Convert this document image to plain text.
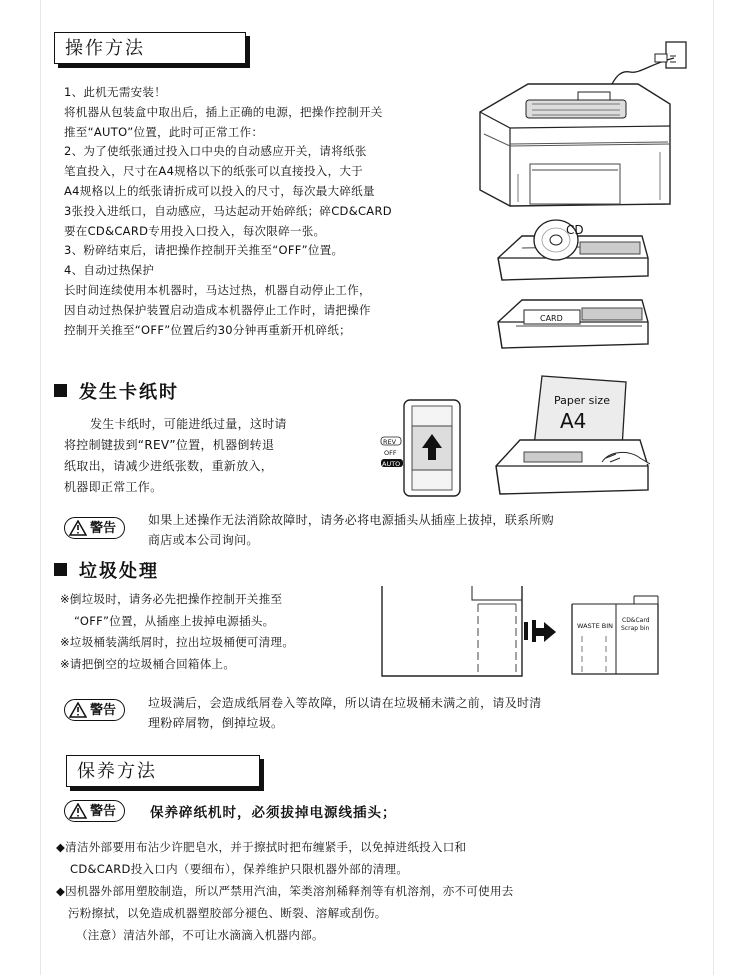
操作方法
1、此机无需安装！
将机器从包装盒中取出后，插上正确的电源，把操作控制开关
推至“AUTO”位置，此时可正常工作：
2、为了使纸张通过投入口中央的自动感应开关，请将纸张
笔直投入，尺寸在A4规格以下的纸张可以直接投入，大于
A4规格以上的纸张请折成可以投入的尺寸，每次最大碎纸量
3张投入进纸口，自动感应，马达起动开始碎纸；碎CD&CARD
要在CD&CARD专用投入口投入，每次限碎一张。
3、粉碎结束后，请把操作控制开关推至“OFF”位置。
4、自动过热保护
长时间连续使用本机器时，马达过热，机器自动停止工作，
因自动过热保护装置启动造成本机器停止工作时，请把操作
控制开关推至“OFF”位置后约30分钟再重新开机碎纸；
CD
CARD
发生卡纸时
发生卡纸时，可能进纸过量，这时请
将控制键拔到“REV”位置，机器倒转退
纸取出，请减少进纸张数，重新放入，
机器即正常工作。
REV
OFF
AUTO
Paper size
A4
警告
如果上述操作无法消除故障时，请务必将电源插头从插座上拔掉，联系所购
商店或本公司询问。
垃圾处理
※倒垃圾时，请务必先把操作控制开关推至
“OFF”位置，从插座上拔掉电源插头。
※垃圾桶装满纸屑时，拉出垃圾桶便可清理。
※请把倒空的垃圾桶合回箱体上。
WASTE BIN
CD&Card
Scrap bin
警告	垃圾满后，会造成纸屑卷入等故障，所以请在垃圾桶未满之前，请及时清
理粉碎屑物，倒掉垃圾。
保养方法
警告	保养碎纸机时，必须拔掉电源线插头；
◆清洁外部要用布沾少许肥皂水，并于擦拭时把布缠紧手，以免掉进纸投入口和
CD&CARD投入口内（要细布），保养维护只限机器外部的清理。
◆因机器外部用塑胶制造，所以严禁用汽油，笨类溶剂稀释剂等有机溶剂，亦不可使用去
污粉擦拭，以免造成机器塑胶部分褪色、断裂、溶解或刮伤。
（注意）清洁外部，不可让水滴滴入机器内部。
